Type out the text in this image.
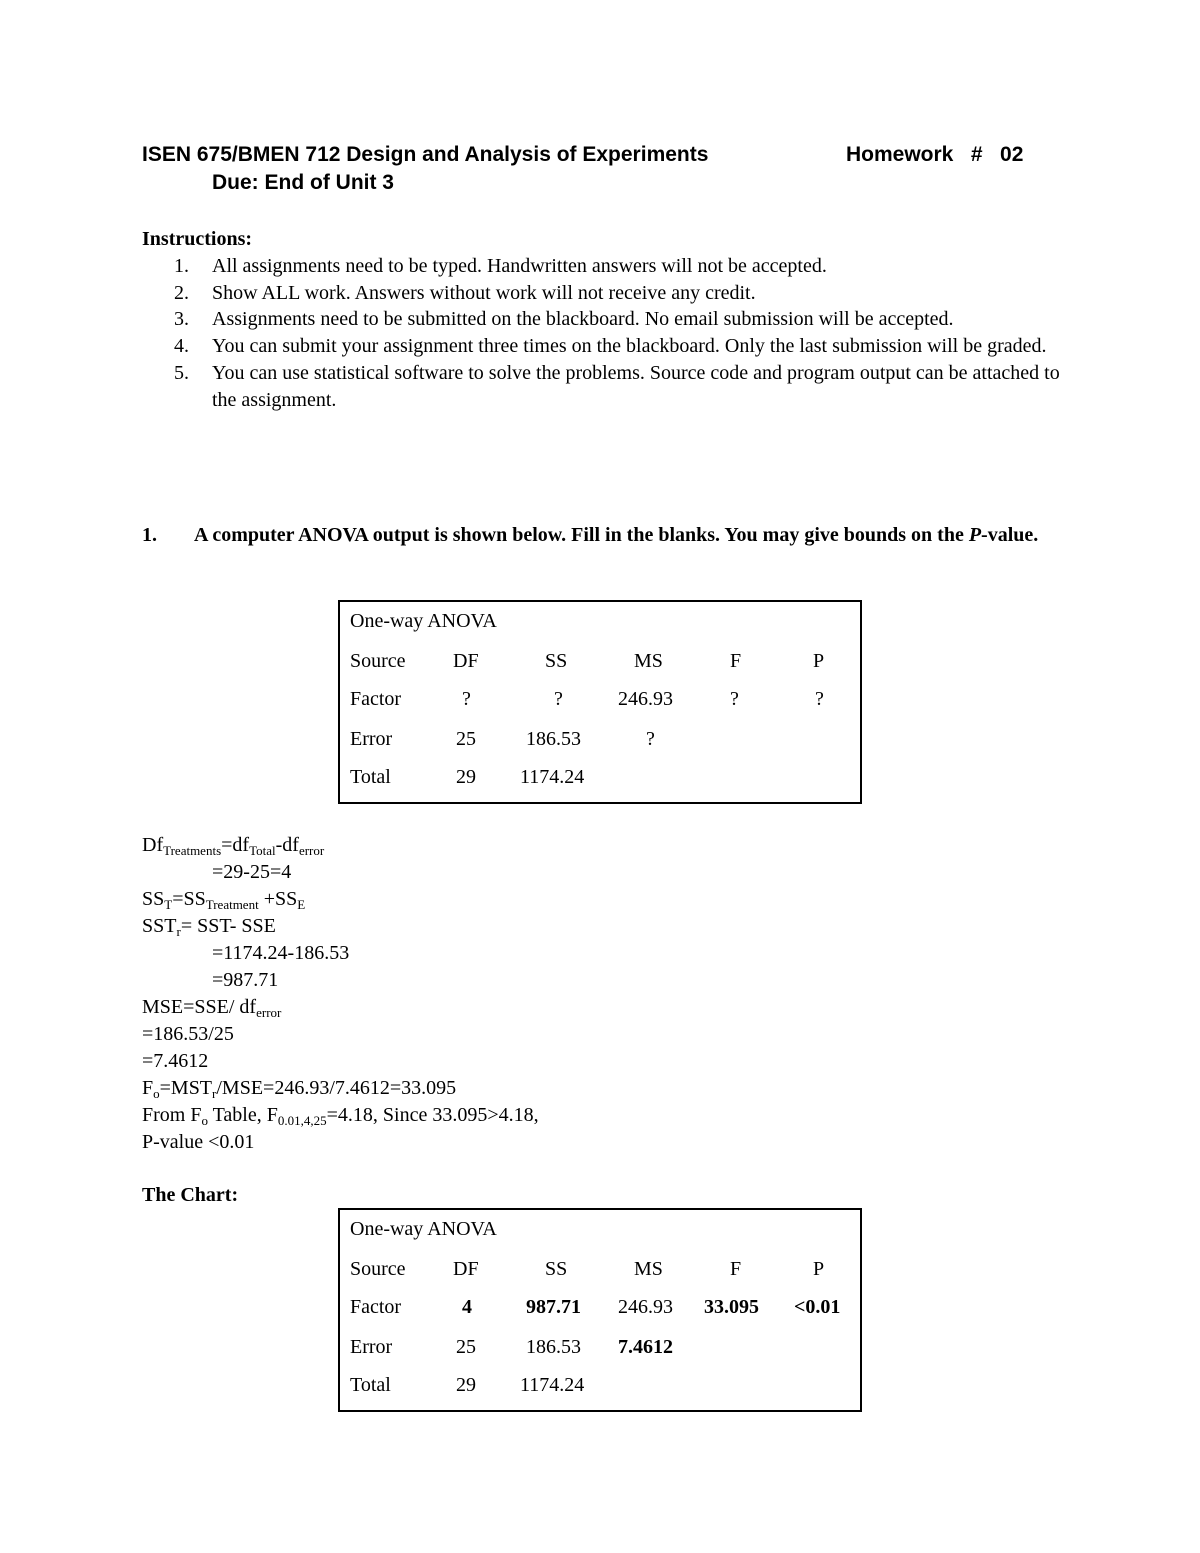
ISEN 675/BMEN 712 Design and Analysis of Experiments	Homework   #   02
Due: End of Unit 3
Instructions:
1. All assignments need to be typed. Handwritten answers will not be accepted.
2. Show ALL work. Answers without work will not receive any credit.
3. Assignments need to be submitted on the blackboard. No email submission will be accepted.
4. You can submit your assignment three times on the blackboard. Only the last submission will be graded.
5. You can use statistical software to solve the problems. Source code and program output can be attached to the assignment.
1. A computer ANOVA output is shown below. Fill in the blanks. You may give bounds on the P-value.
One-way ANOVA
Source DF	SS	MS	F	P
Factor	?	?	246.93	?	?
Error	25	186.53	?
Total	29 1174.24
$Df_{Treatments}=df_{Total}-df_{error}$
=29-25=4
$SS_T=SS_{Treatment} +SS_E$
$SST_r= SST-$ SSE
=1174.24-186.53
=987.71
MSE=SSE/ $df_{error}$
=186.53/25
=7.4612
$F_o=MST_r/MSE=246.93/7.4612=33.095$
From $F_o$ Table, $F_{0.01,4,25}=4.18$, Since 33.095>4.18,
P-value <0.01
The Chart:
One-way ANOVA
Source DF	SS	MS	F	P
Factor	4	987.71 246.93 33.095 <0.01
Error	25	186.53 7.4612
Total	29 1174.24
